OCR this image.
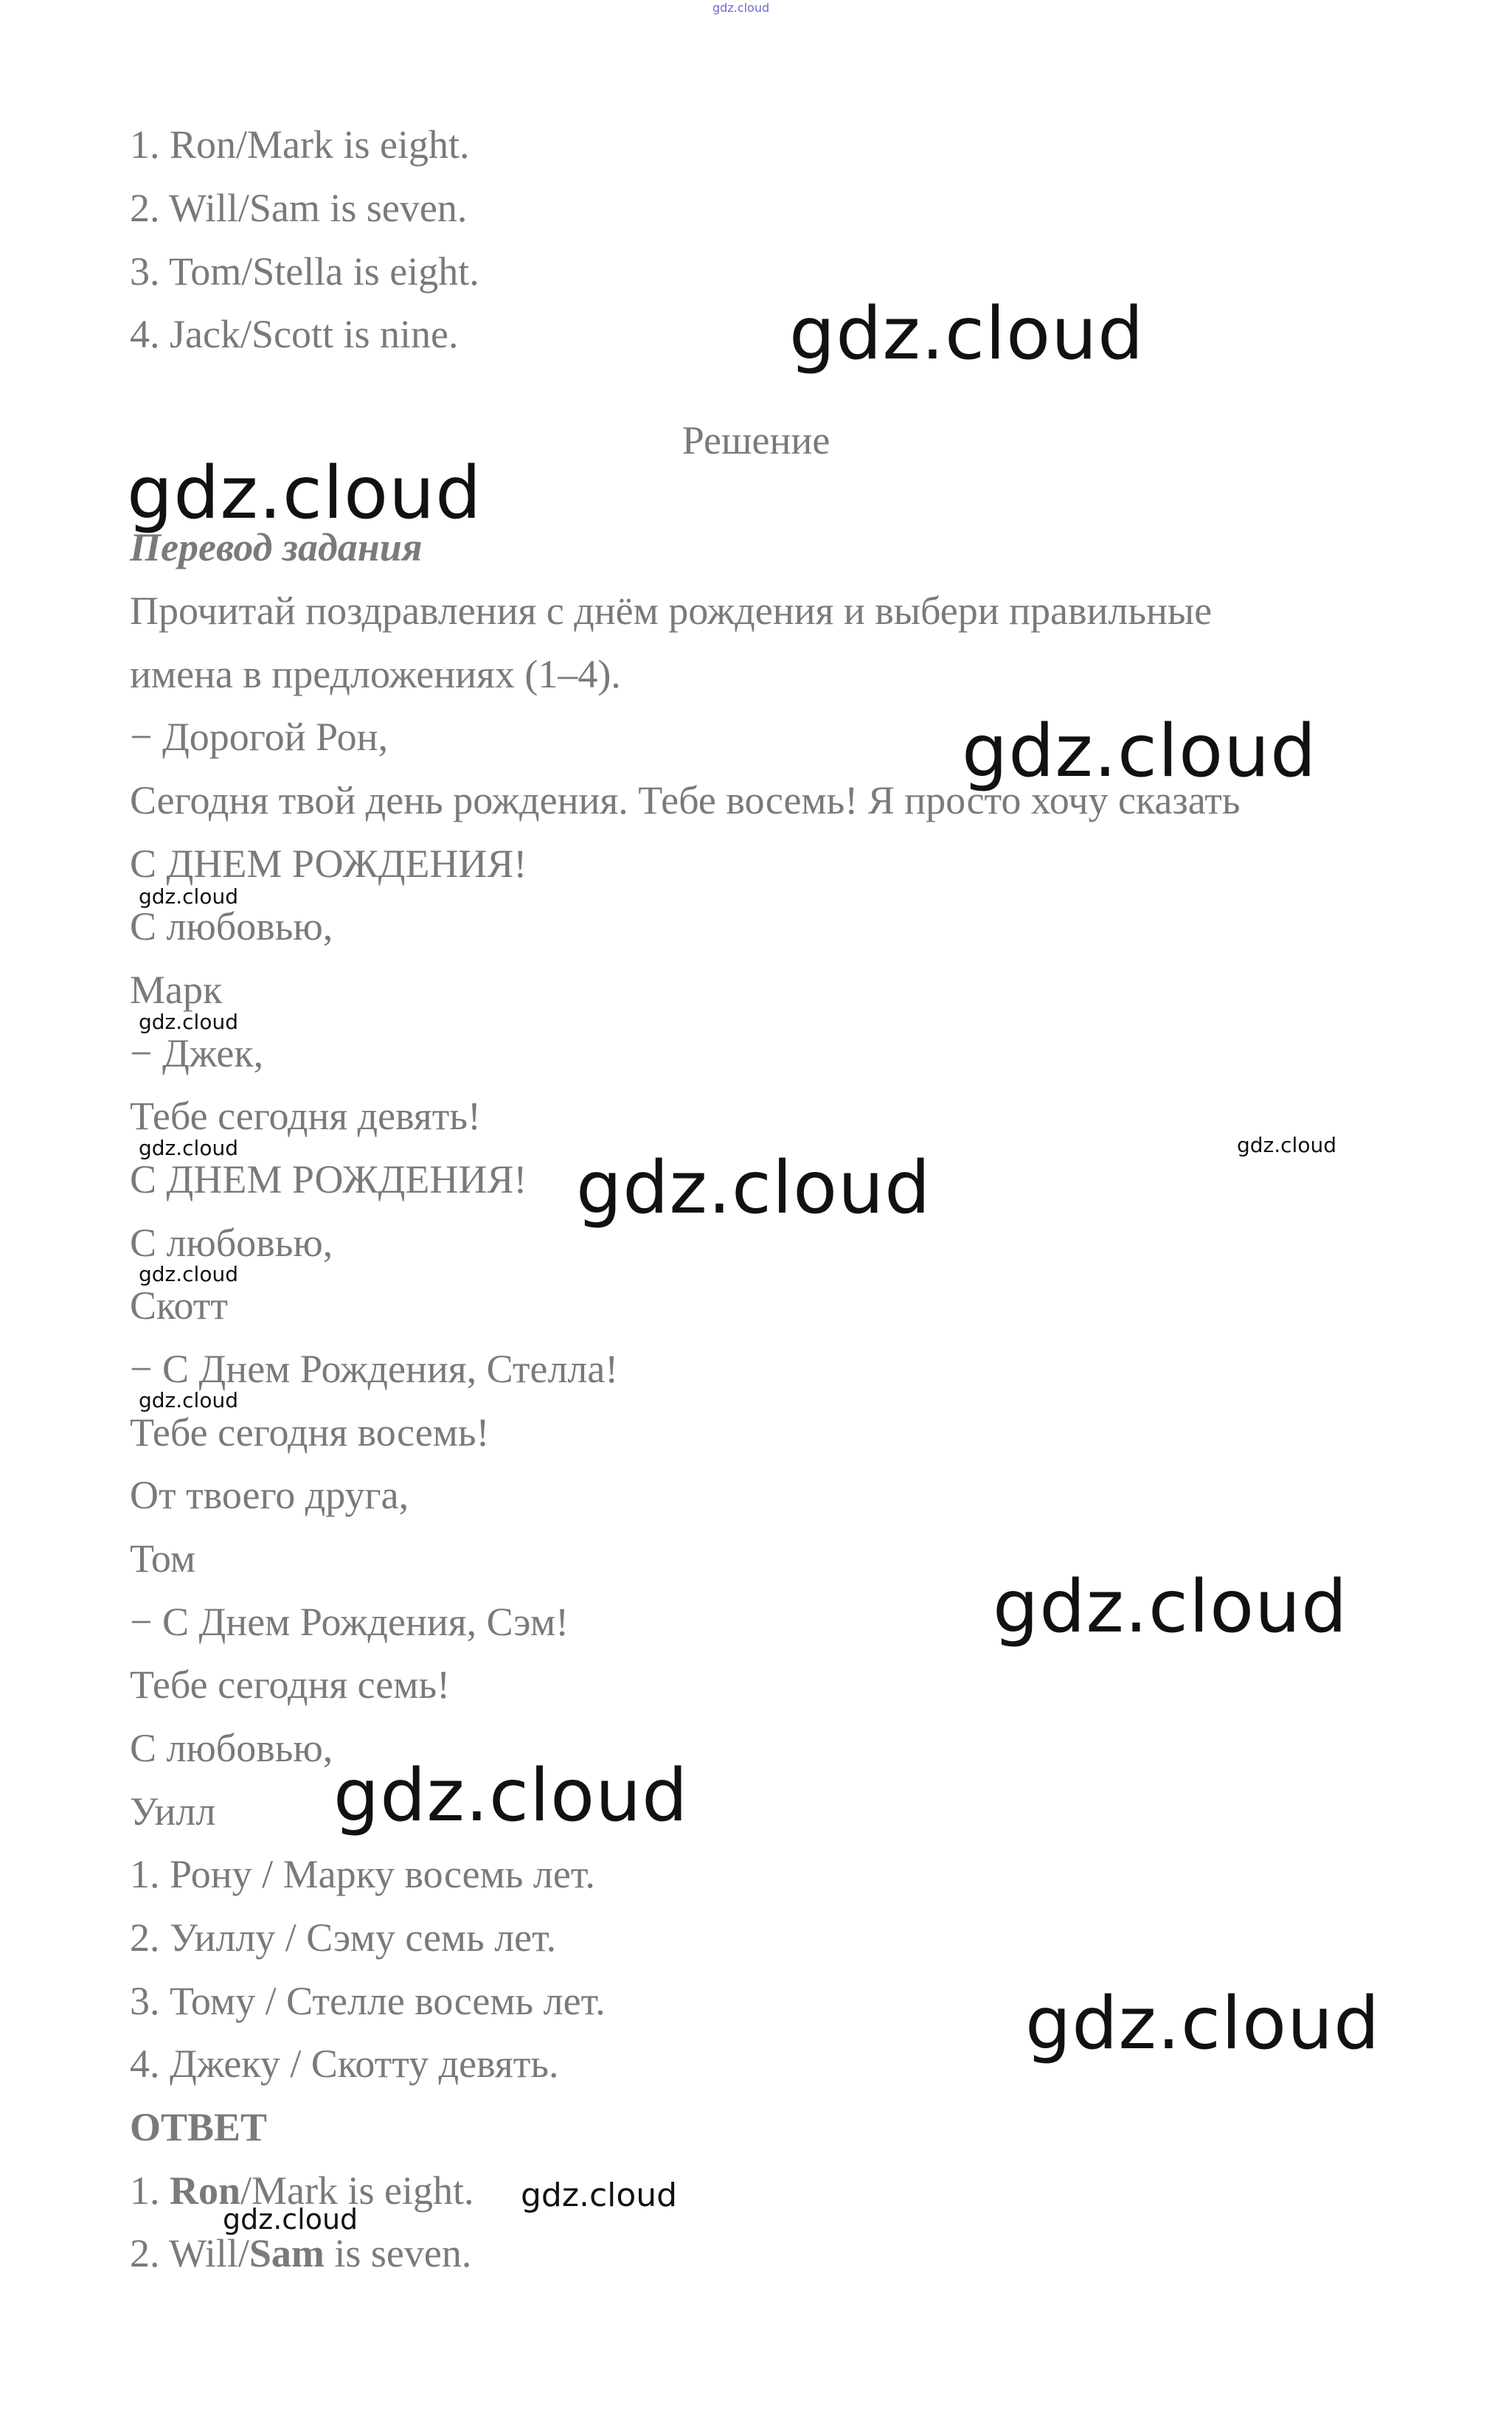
gdz.cloud
1. Ron/Mark is eight.
2. Will/Sam is seven.
3. Tom/Stella is eight.
4. Jack/Scott is nine.
Решение
Перевод задания
Прочитай поздравления с днём рождения и выбери правильные
имена в предложениях (1–4).
− Дорогой Рон,
Сегодня твой день рождения. Тебе восемь! Я просто хочу сказать
С ДНЕМ РОЖДЕНИЯ!
С любовью,
Марк
− Джек,
Тебе сегодня девять!
С ДНЕМ РОЖДЕНИЯ!
С любовью,
Скотт
− С Днем Рождения, Стелла!
Тебе сегодня восемь!
От твоего друга,
Том
− С Днем Рождения, Сэм!
Тебе сегодня семь!
С любовью,
Уилл
1. Рону / Марку восемь лет.
2. Уиллу / Сэму семь лет.
3. Тому / Стелле восемь лет.
4. Джеку / Скотту девять.
ОТВЕТ
1. Ron/Mark is eight.
2. Will/Sam is seven.
gdz.cloud
gdz.cloud
gdz.cloud
gdz.cloud
gdz.cloud
gdz.cloud	gdz.cloud
gdz.cloud
gdz.cloud
gdz.cloud
gdz.cloud
gdz.cloud
gdz.cloud
gdz.cloud
gdz.cloud
